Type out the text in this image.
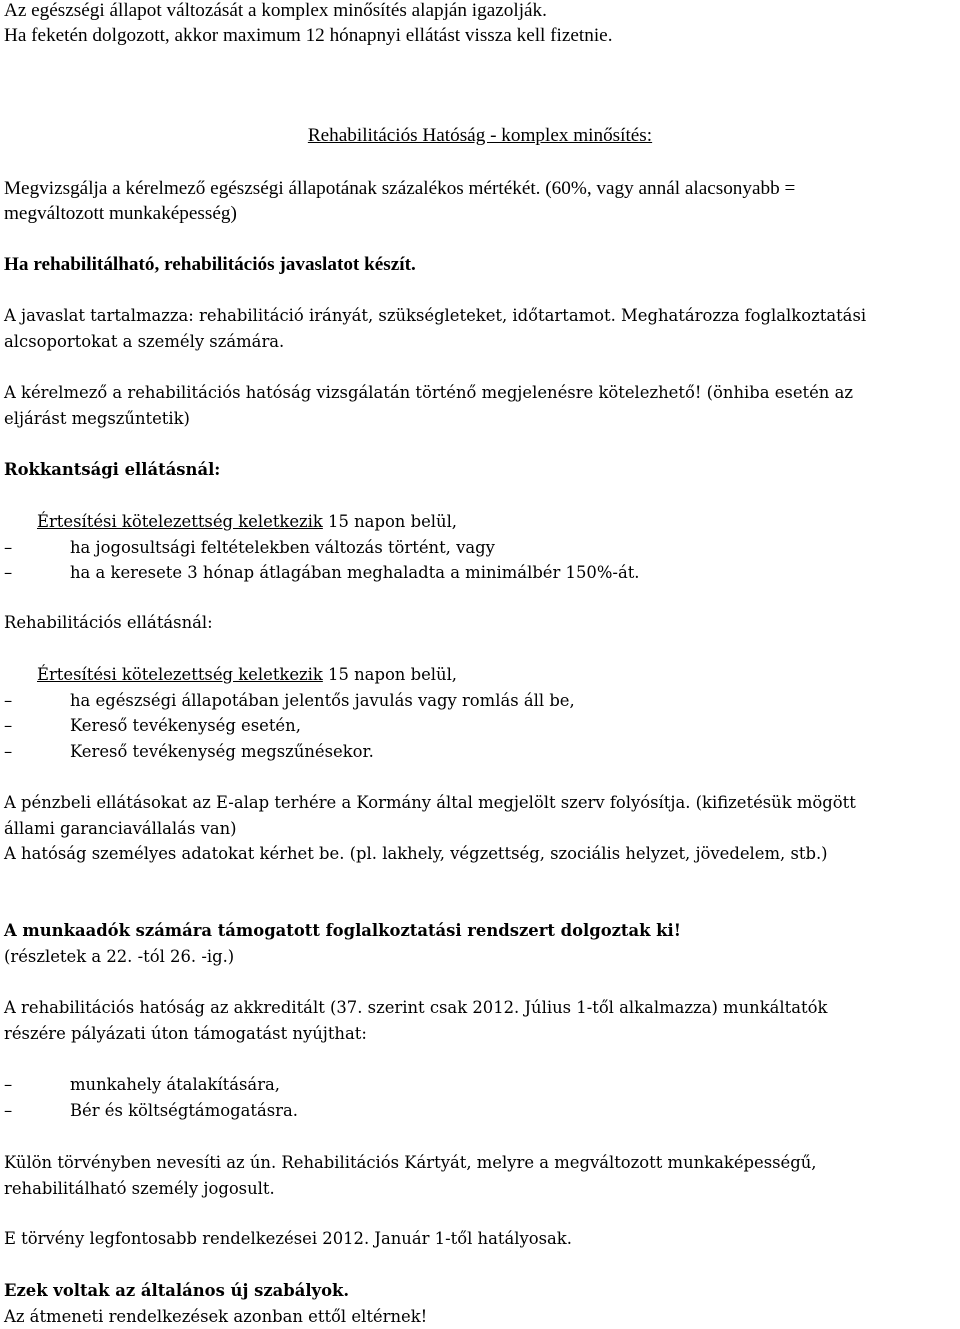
Az egészségi állapot változását a komplex minősítés alapján igazolják.
Ha feketén dolgozott, akkor maximum 12 hónapnyi ellátást vissza kell fizetnie.
Rehabilitációs Hatóság - komplex minősítés:
Megvizsgálja a kérelmező egészségi állapotának százalékos mértékét. (60%, vagy annál alacsonyabb =
megváltozott munkaképesség)
Ha rehabilitálható, rehabilitációs javaslatot készít.
A javaslat tartalmazza: rehabilitáció irányát, szükségleteket, időtartamot. Meghatározza foglalkoztatási
alcsoportokat a személy számára.
A kérelmező a rehabilitációs hatóság vizsgálatán történő megjelenésre kötelezhető! (önhiba esetén az
eljárást megszűntetik)
Rokkantsági ellátásnál:
Értesítési kötelezettség keletkezik 15 napon belül,
–	ha jogosultsági feltételekben változás történt, vagy
–	ha a keresete 3 hónap átlagában meghaladta a minimálbér 150%-át.
Rehabilitációs ellátásnál:
Értesítési kötelezettség keletkezik 15 napon belül,
–	ha egészségi állapotában jelentős javulás vagy romlás áll be,
–	Kereső tevékenység esetén,
–	Kereső tevékenység megszűnésekor.
A pénzbeli ellátásokat az E-alap terhére a Kormány által megjelölt szerv folyósítja. (kifizetésük mögött
állami garanciavállalás van)
A hatóság személyes adatokat kérhet be. (pl. lakhely, végzettség, szociális helyzet, jövedelem, stb.)
A munkaadók számára támogatott foglalkoztatási rendszert dolgoztak ki!
(részletek a 22. -tól 26. -ig.)
A rehabilitációs hatóság az akkreditált (37. szerint csak 2012. Július 1-től alkalmazza) munkáltatók
részére pályázati úton támogatást nyújthat:
–	munkahely átalakítására,
–	Bér és költségtámogatásra.
Külön törvényben nevesíti az ún. Rehabilitációs Kártyát, melyre a megváltozott munkaképességű,
rehabilitálható személy jogosult.
E törvény legfontosabb rendelkezései 2012. Január 1-től hatályosak.
Ezek voltak az általános új szabályok.
Az átmeneti rendelkezések azonban ettől eltérnek!
